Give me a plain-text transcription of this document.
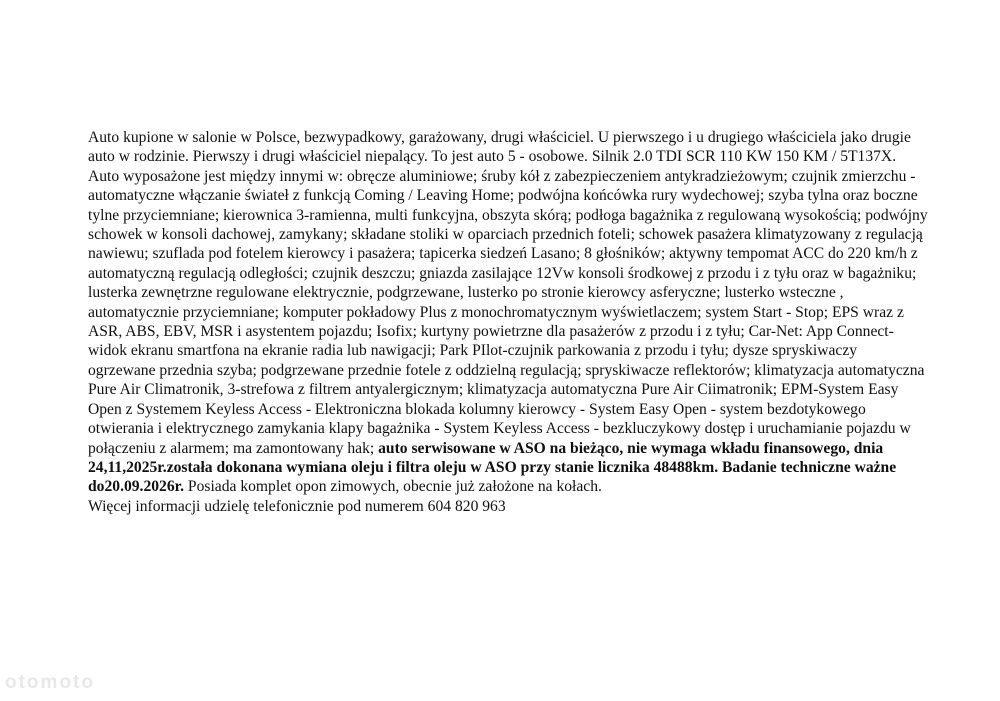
Auto kupione w salonie w Polsce, bezwypadkowy, garażowany, drugi właściciel. U pierwszego i u drugiego właściciela jako drugie auto w rodzinie. Pierwszy i drugi właściciel niepalący. To jest auto 5 - osobowe. Silnik 2.0 TDI SCR 110 KW 150 KM / 5T137X. Auto wyposażone jest między innymi w: obręcze aluminiowe; śruby kół z zabezpieczeniem antykradzieżowym; czujnik zmierzchu - automatyczne włączanie świateł z funkcją Coming / Leaving Home; podwójna końcówka rury wydechowej; szyba tylna oraz boczne tylne przyciemniane; kierownica 3-ramienna, multi funkcyjna, obszyta skórą; podłoga bagażnika z regulowaną wysokością; podwójny schowek w konsoli dachowej, zamykany; składane stoliki w oparciach przednich foteli; schowek pasażera klimatyzowany z regulacją nawiewu; szuflada pod fotelem kierowcy i pasażera; tapicerka siedzeń Lasano; 8 głośników; aktywny tempomat ACC do 220 km/h z automatyczną regulacją odległości; czujnik deszczu; gniazda zasilające 12Vw konsoli środkowej z przodu i z tyłu oraz w bagażniku; lusterka zewnętrzne regulowane elektrycznie, podgrzewane, lusterko po stronie kierowcy asferyczne; lusterko wsteczne , automatycznie przyciemniane; komputer pokładowy Plus z monochromatycznym wyświetlaczem; system Start - Stop; EPS wraz z ASR, ABS, EBV, MSR i asystentem pojazdu; Isofix; kurtyny powietrzne dla pasażerów z przodu i z tyłu; Car-Net: App Connect-widok ekranu smartfona na ekranie radia lub nawigacji; Park PIlot-czujnik parkowania z przodu i tyłu; dysze spryskiwaczy ogrzewane przednia szyba; podgrzewane przednie fotele z oddzielną regulacją; spryskiwacze reflektorów; klimatyzacja automatyczna Pure Air Climatronik, 3-strefowa z filtrem antyalergicznym; klimatyzacja automatyczna Pure Air Ciimatronik; EPM-System Easy Open z Systemem Keyless Access - Elektroniczna blokada kolumny kierowcy - System Easy Open - system bezdotykowego otwierania i elektrycznego zamykania klapy bagażnika - System Keyless Access - bezkluczykowy dostęp i uruchamianie pojazdu w połączeniu z alarmem; ma zamontowany hak; auto serwisowane w ASO na bieżąco, nie wymaga wkładu finansowego, dnia 24,11,2025r.została dokonana wymiana oleju i filtra oleju w ASO przy stanie licznika 48488km. Badanie techniczne ważne do20.09.2026r. Posiada komplet opon zimowych, obecnie już założone na kołach.

Więcej informacji udzielę telefonicznie pod numerem 604 820 963

otomoto
